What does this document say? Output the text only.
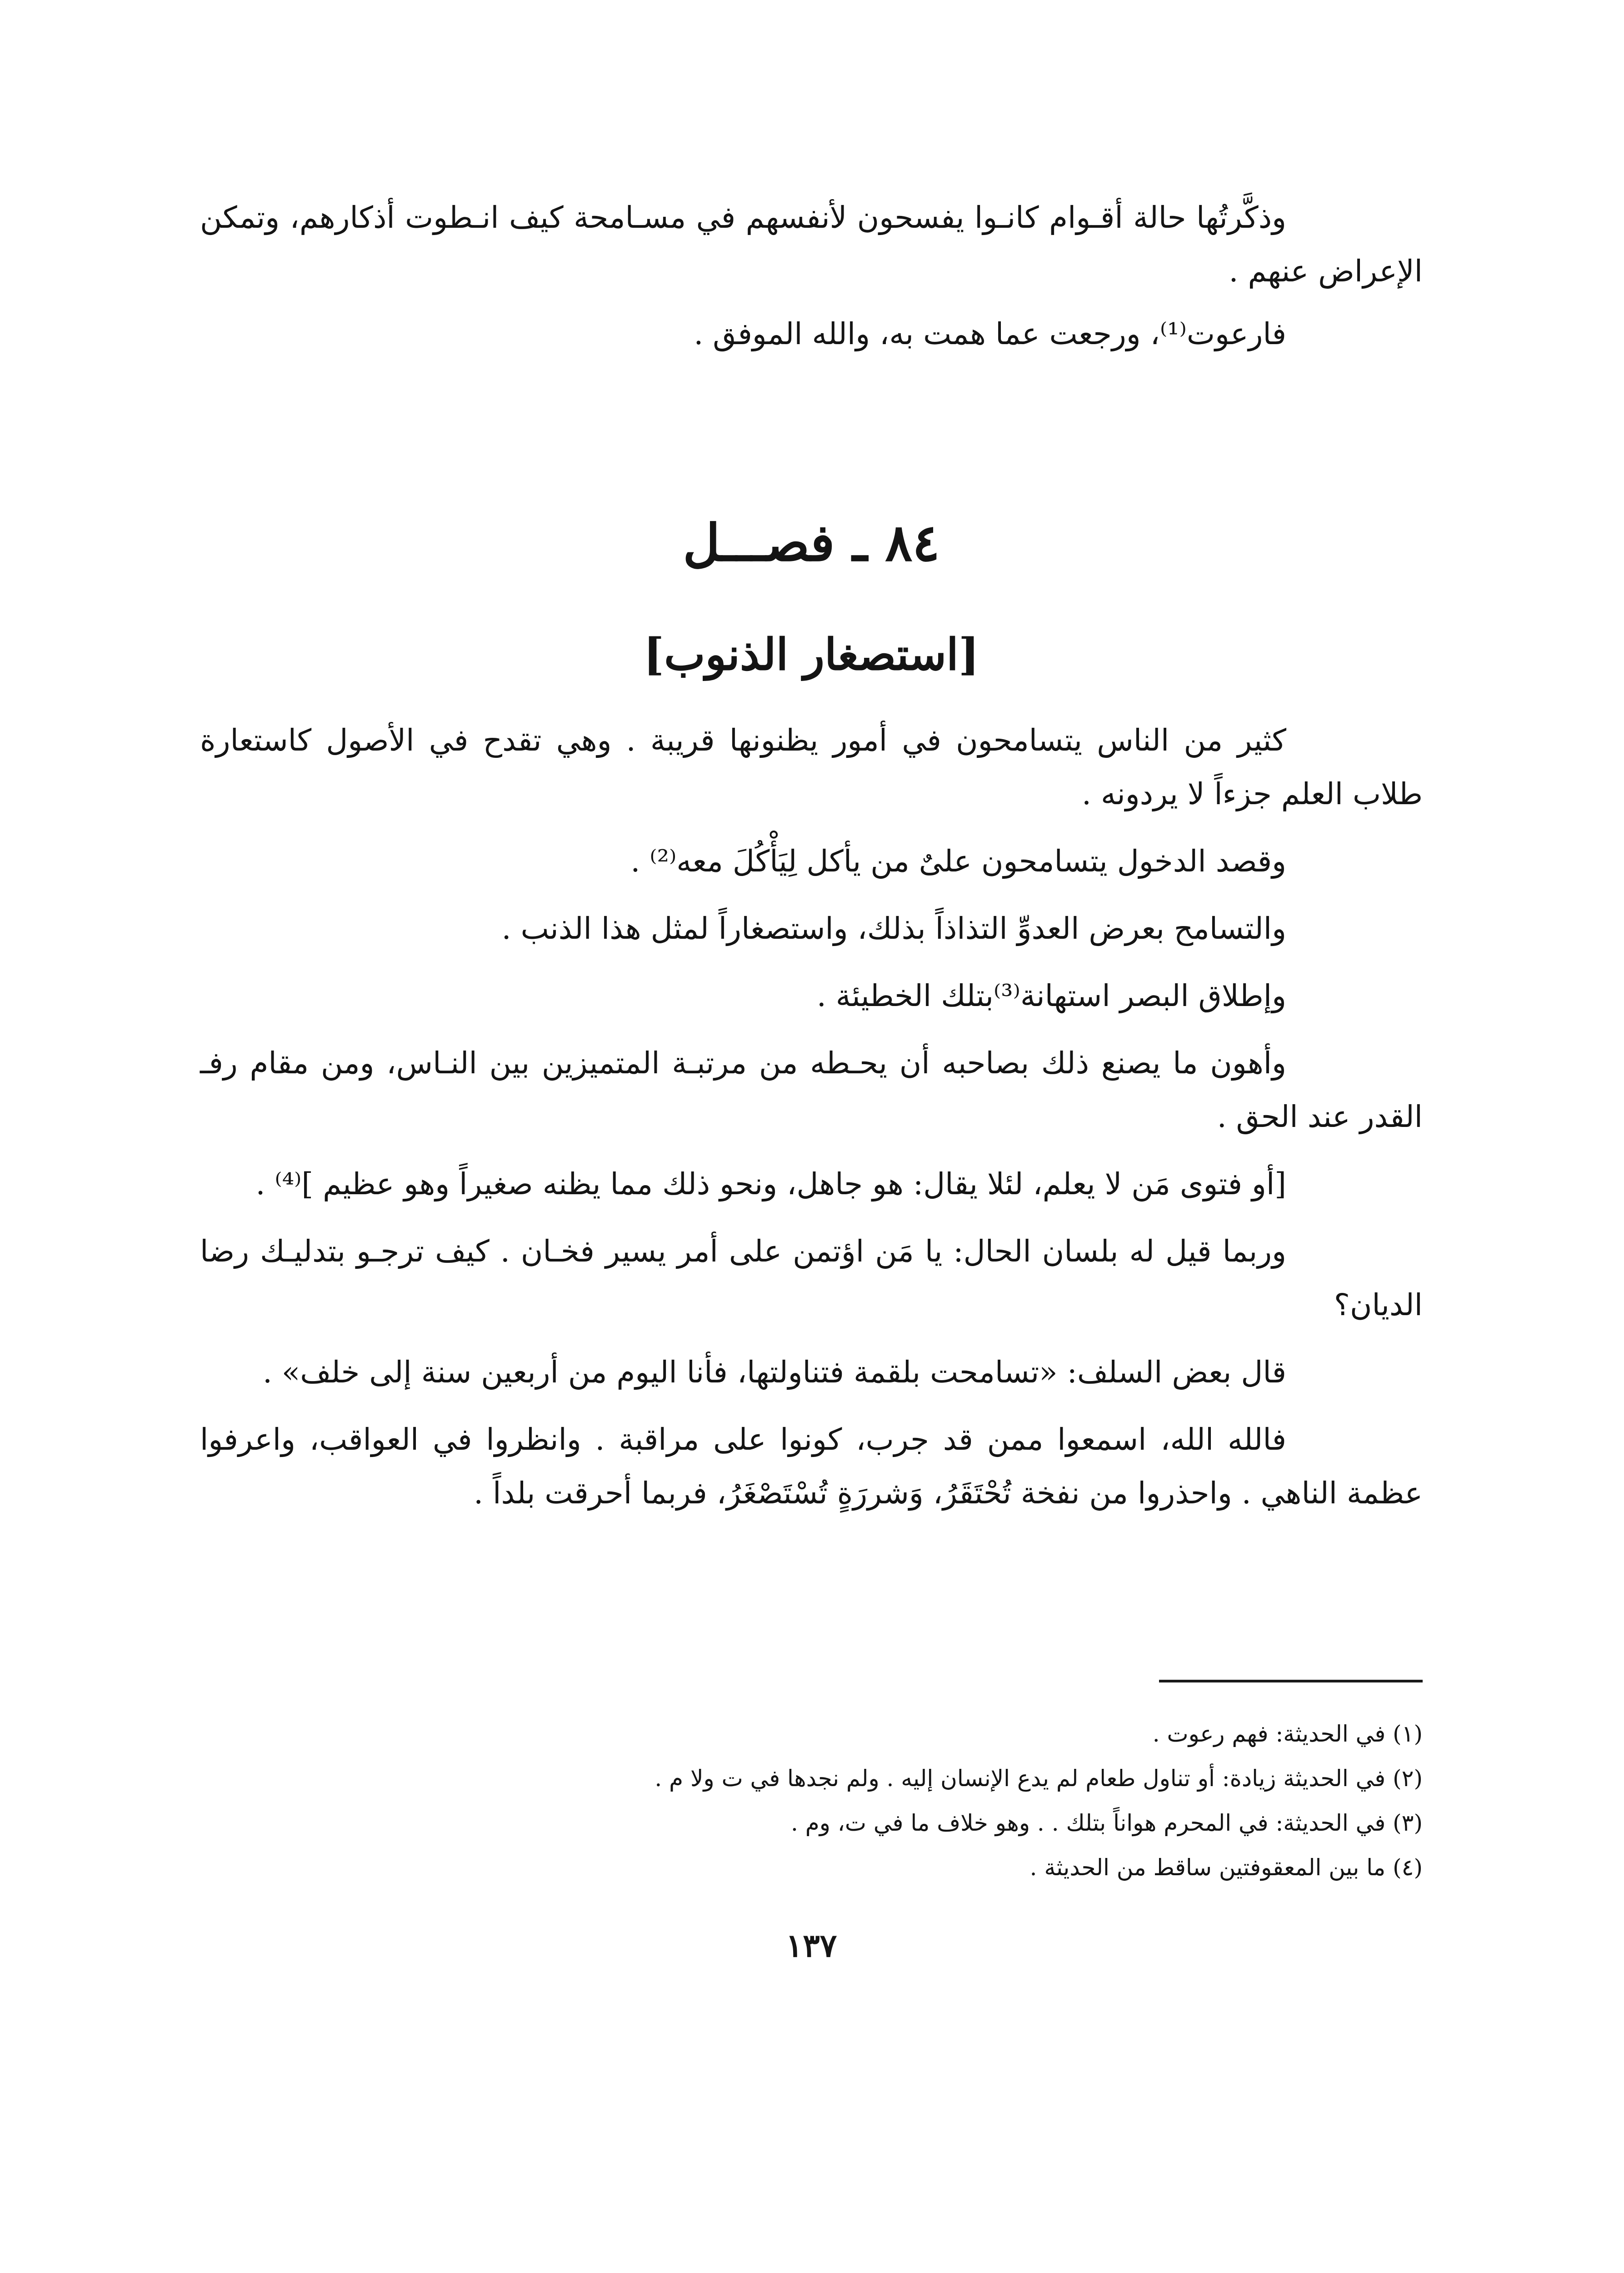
وذكَّرتُها حالة أقـوام كانـوا يفسحون لأنفسهم في مسـامحة كيف انـطوت أذكارهم، وتمكن الإعراض عنهم .

فارعوت⁽¹⁾، ورجعت عما همت به، والله الموفق .

٨٤ ـ فصـــل
[استصغار الذنوب]

كثير من الناس يتسامحون في أمور يظنونها قريبة . وهي تقدح في الأصول كاستعارة طلاب العلم جزءاً لا يردونه .

وقصد الدخول يتسامحون علىٌ من يأكل لِيَأْكُلَ معه⁽²⁾ .

والتسامح بعرض العدوِّ التذاذاً بذلك، واستصغاراً لمثل هذا الذنب .

وإطلاق البصر استهانة⁽³⁾بتلك الخطيئة .

وأهون ما يصنع ذلك بصاحبه أن يحـطه من مرتبـة المتميزين بين النـاس، ومن مقام رفـ القدر عند الحق .

[أو فتوى مَن لا يعلم، لئلا يقال: هو جاهل، ونحو ذلك مما يظنه صغيراً وهو عظيم ]⁽⁴⁾ .

وربما قيل له بلسان الحال: يا مَن اؤتمن على أمر يسير فخـان . كيف ترجـو بتدليـك رضا الديان؟

قال بعض السلف: «تسامحت بلقمة فتناولتها، فأنا اليوم من أربعين سنة إلى خلف» .

فالله الله، اسمعوا ممن قد جرب، كونوا على مراقبة . وانظروا في العواقب، واعرفوا عظمة الناهي . واحذروا من نفخة تُحْتَقَرُ، وَشررَةٍ تُسْتَصْغَرُ، فربما أحرقت بلداً .

(١) في الحديثة: فهم رعوت .

(٢) في الحديثة زيادة: أو تناول طعام لم يدع الإنسان إليه . ولم نجدها في ت ولا م .

(٣) في الحديثة: في المحرم هواناً بتلك . . وهو خلاف ما في ت، وم .

(٤) ما بين المعقوفتين ساقط من الحديثة .

١٣٧
